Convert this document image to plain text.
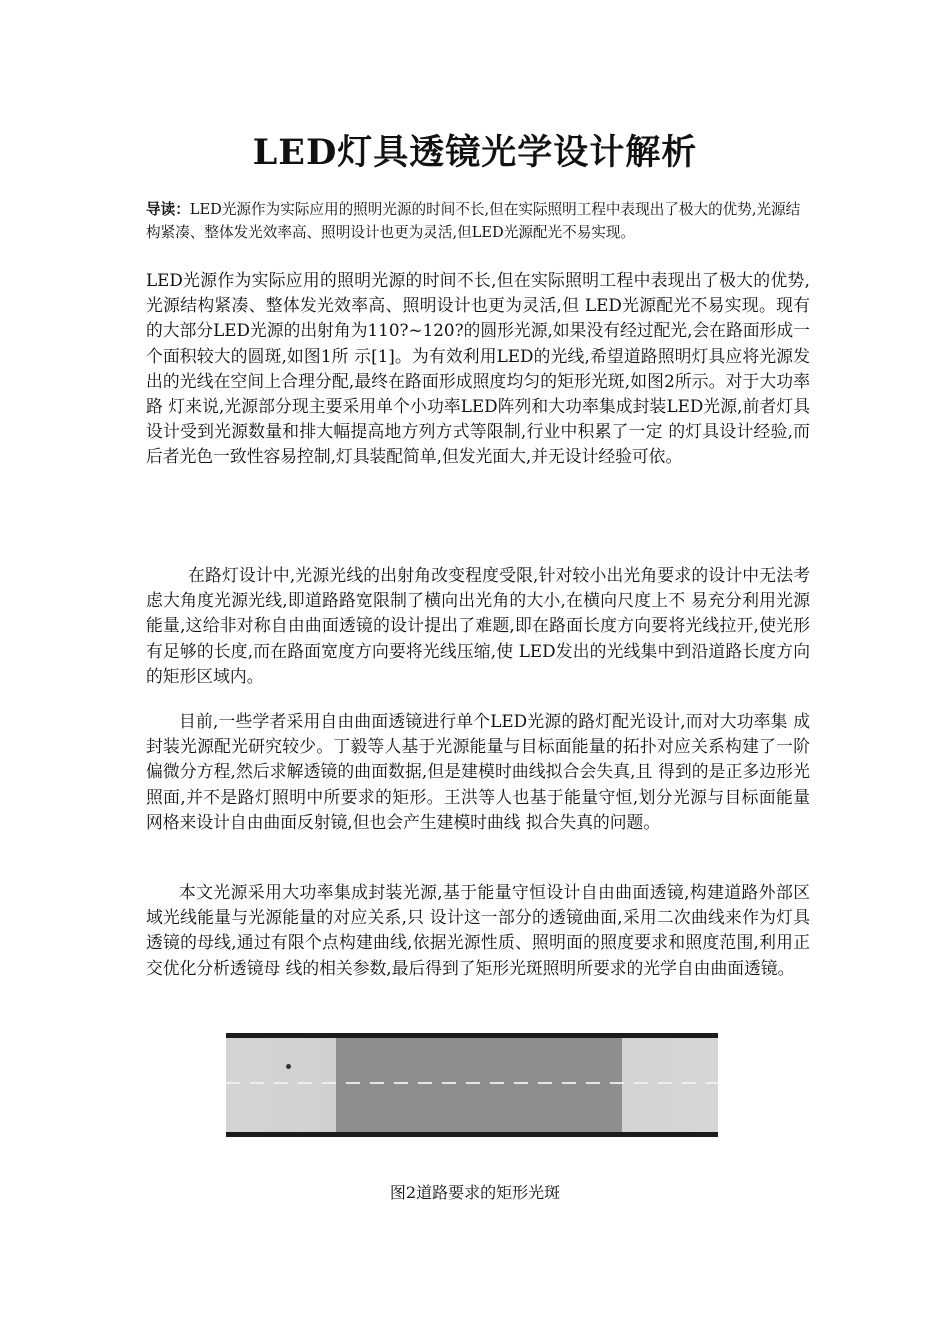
LED灯具透镜光学设计解析
导读：LED光源作为实际应用的照明光源的时间不长,但在实际照明工程中表现出了极大的优势,光源结构紧凑、整体发光效率高、照明设计也更为灵活,但LED光源配光不易实现。
LED光源作为实际应用的照明光源的时间不长,但在实际照明工程中表现出了极大的优势,光源结构紧凑、整体发光效率高、照明设计也更为灵活,但 LED光源配光不易实现。现有的大部分LED光源的出射角为110?~120?的圆形光源,如果没有经过配光,会在路面形成一个面积较大的圆斑,如图1所 示[1]。为有效利用LED的光线,希望道路照明灯具应将光源发出的光线在空间上合理分配,最终在路面形成照度均匀的矩形光斑,如图2所示。对于大功率路 灯来说,光源部分现主要采用单个小功率LED阵列和大功率集成封装LED光源,前者灯具设计受到光源数量和排大幅提高地方列方式等限制,行业中积累了一定 的灯具设计经验,而后者光色一致性容易控制,灯具装配简单,但发光面大,并无设计经验可依。
在路灯设计中,光源光线的出射角改变程度受限,针对较小出光角要求的设计中无法考虑大角度光源光线,即道路路宽限制了横向出光角的大小,在横向尺度上不 易充分利用光源能量,这给非对称自由曲面透镜的设计提出了难题,即在路面长度方向要将光线拉开,使光形有足够的长度,而在路面宽度方向要将光线压缩,使 LED发出的光线集中到沿道路长度方向的矩形区域内。
目前,一些学者采用自由曲面透镜进行单个LED光源的路灯配光设计,而对大功率集 成封装光源配光研究较少。丁毅等人基于光源能量与目标面能量的拓扑对应关系构建了一阶偏微分方程,然后求解透镜的曲面数据,但是建模时曲线拟合会失真,且 得到的是正多边形光照面,并不是路灯照明中所要求的矩形。王洪等人也基于能量守恒,划分光源与目标面能量网格来设计自由曲面反射镜,但也会产生建模时曲线 拟合失真的问题。
本文光源采用大功率集成封装光源,基于能量守恒设计自由曲面透镜,构建道路外部区域光线能量与光源能量的对应关系,只 设计这一部分的透镜曲面,采用二次曲线来作为灯具透镜的母线,通过有限个点构建曲线,依据光源性质、照明面的照度要求和照度范围,利用正交优化分析透镜母 线的相关参数,最后得到了矩形光斑照明所要求的光学自由曲面透镜。
图2道路要求的矩形光斑
